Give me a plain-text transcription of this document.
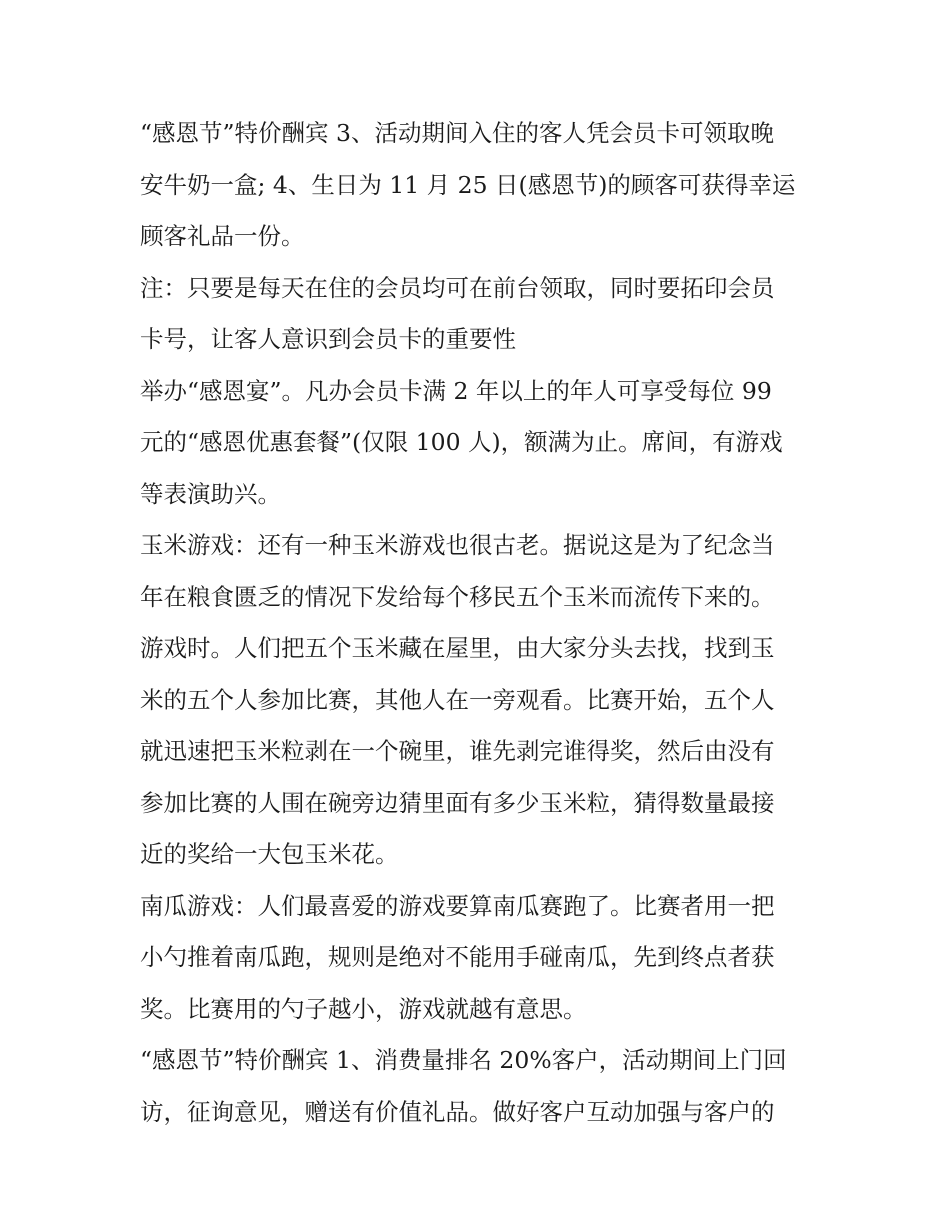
“感恩节”特价酬宾 3、活动期间入住的客人凭会员卡可领取晚
安牛奶一盒; 4、生日为 11 月 25 日(感恩节)的顾客可获得幸运
顾客礼品一份。
注：只要是每天在住的会员均可在前台领取，同时要拓印会员
卡号，让客人意识到会员卡的重要性
举办“感恩宴”。凡办会员卡满 2 年以上的年人可享受每位 99
元的“感恩优惠套餐”(仅限 100 人)，额满为止。席间，有游戏
等表演助兴。
玉米游戏：还有一种玉米游戏也很古老。据说这是为了纪念当
年在粮食匮乏的情况下发给每个移民五个玉米而流传下来的。
游戏时。人们把五个玉米藏在屋里，由大家分头去找，找到玉
米的五个人参加比赛，其他人在一旁观看。比赛开始，五个人
就迅速把玉米粒剥在一个碗里，谁先剥完谁得奖，然后由没有
参加比赛的人围在碗旁边猜里面有多少玉米粒，猜得数量最接
近的奖给一大包玉米花。
南瓜游戏：人们最喜爱的游戏要算南瓜赛跑了。比赛者用一把
小勺推着南瓜跑，规则是绝对不能用手碰南瓜，先到终点者获
奖。比赛用的勺子越小，游戏就越有意思。
“感恩节”特价酬宾 1、消费量排名 20%客户，活动期间上门回
访，征询意见，赠送有价值礼品。做好客户互动加强与客户的
